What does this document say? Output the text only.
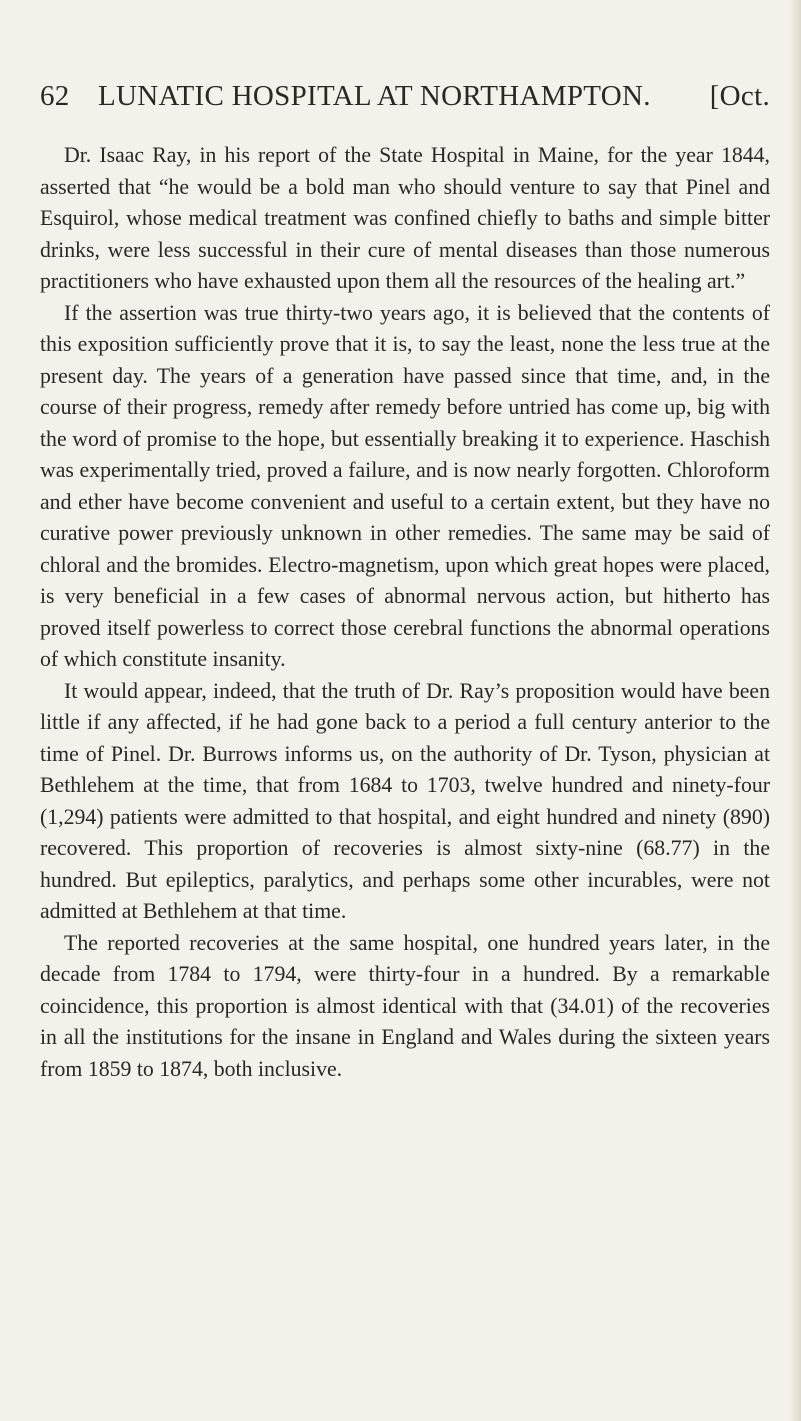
62 LUNATIC HOSPITAL AT NORTHAMPTON. [Oct.

Dr. Isaac Ray, in his report of the State Hospital in Maine, for the year 1844, asserted that “he would be a bold man who should venture to say that Pinel and Esquirol, whose medical treatment was confined chiefly to baths and simple bitter drinks, were less successful in their cure of mental diseases than those numerous practitioners who have exhausted upon them all the resources of the healing art.”

If the assertion was true thirty-two years ago, it is believed that the contents of this exposition sufficiently prove that it is, to say the least, none the less true at the present day. The years of a generation have passed since that time, and, in the course of their progress, remedy after remedy before untried has come up, big with the word of promise to the hope, but essentially breaking it to experience. Haschish was experimentally tried, proved a failure, and is now nearly forgotten. Chloroform and ether have become convenient and useful to a certain extent, but they have no curative power previously unknown in other remedies. The same may be said of chloral and the bromides. Electro-magnetism, upon which great hopes were placed, is very beneficial in a few cases of abnormal nervous action, but hitherto has proved itself powerless to correct those cerebral functions the abnormal operations of which constitute insanity.

It would appear, indeed, that the truth of Dr. Ray’s proposition would have been little if any affected, if he had gone back to a period a full century anterior to the time of Pinel. Dr. Burrows informs us, on the authority of Dr. Tyson, physician at Bethlehem at the time, that from 1684 to 1703, twelve hundred and ninety-four (1,294) patients were admitted to that hospital, and eight hundred and ninety (890) recovered. This proportion of recoveries is almost sixty-nine (68.77) in the hundred. But epileptics, paralytics, and perhaps some other incurables, were not admitted at Bethlehem at that time.

The reported recoveries at the same hospital, one hundred years later, in the decade from 1784 to 1794, were thirty-four in a hundred. By a remarkable coincidence, this proportion is almost identical with that (34.01) of the recoveries in all the institutions for the insane in England and Wales during the sixteen years from 1859 to 1874, both inclusive.
